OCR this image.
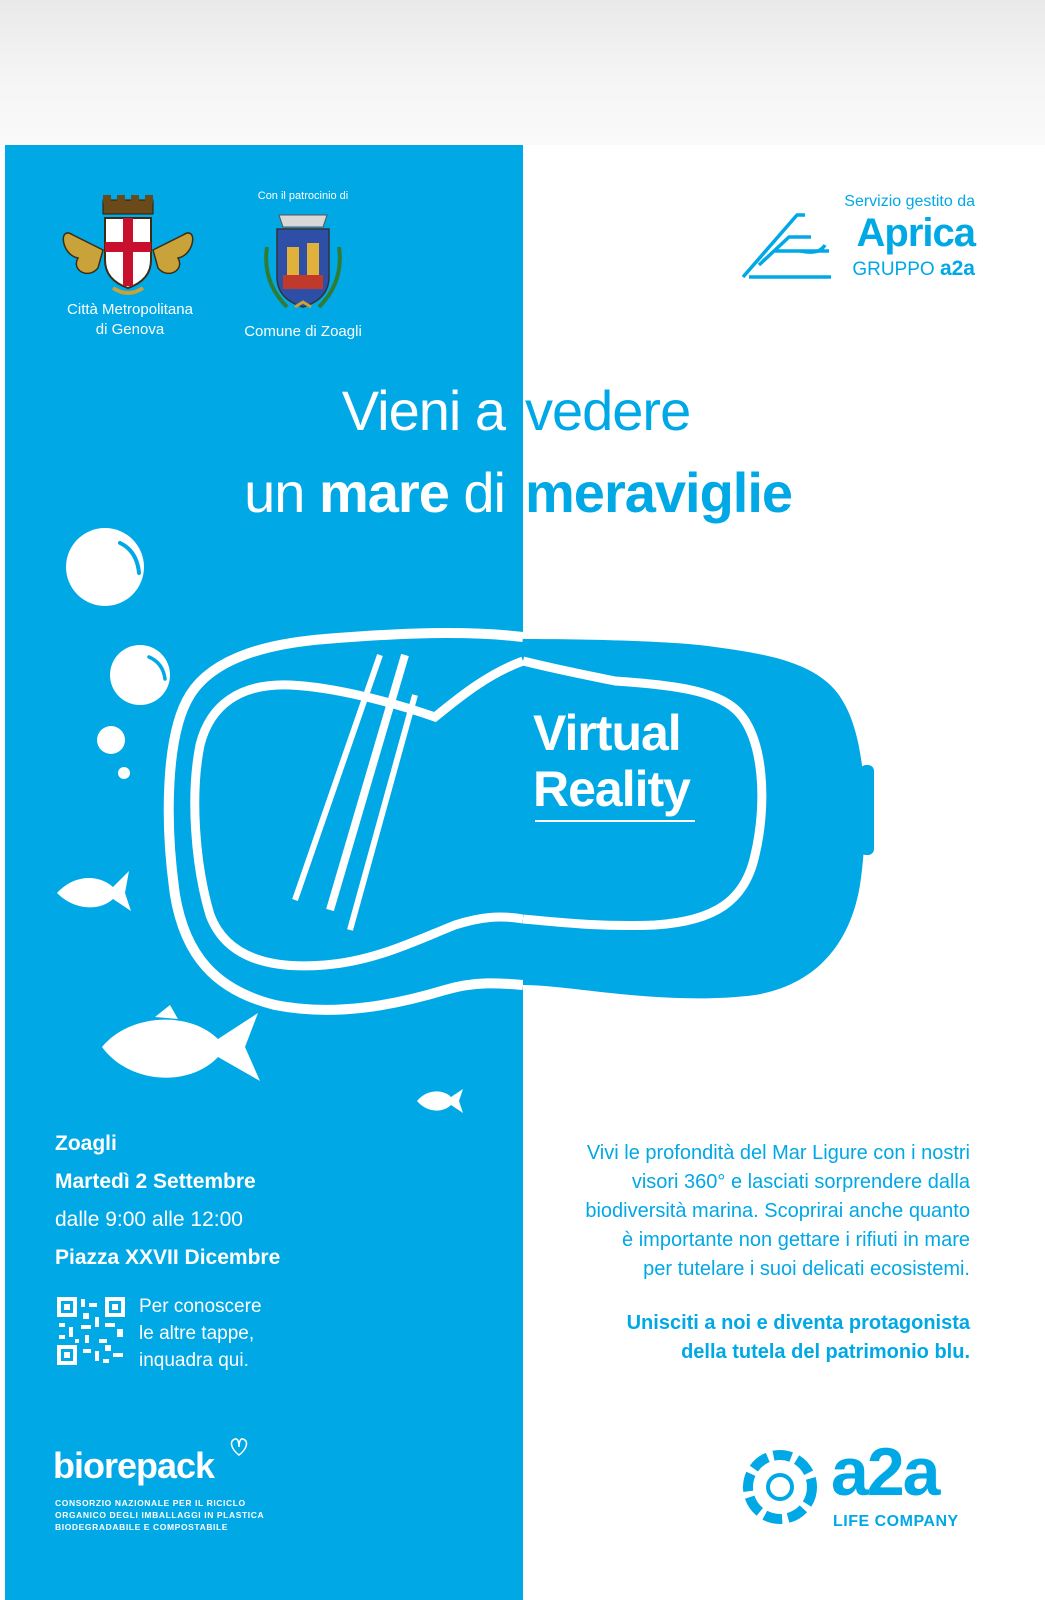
Città Metropolitana
di Genova
Con il patrocinio di
Comune di Zoagli
Servizio gestito da
Aprica
GRUPPO a2a
Vieni a vedere
un mare di meraviglie
Virtual
Reality
Zoagli
Martedì 2 Settembre
dalle 9:00 alle 12:00
Piazza XXVII Dicembre
Per conoscere
le altre tappe,
inquadra qui.
Vivi le profondità del Mar Ligure con i nostri
visori 360° e lasciati sorprendere dalla
biodiversità marina. Scoprirai anche quanto
è importante non gettare i rifiuti in mare
per tutelare i suoi delicati ecosistemi.
Unisciti a noi e diventa protagonista
della tutela del patrimonio blu.
biorepack
CONSORZIO NAZIONALE PER IL RICICLO
ORGANICO DEGLI IMBALLAGGI IN PLASTICA
BIODEGRADABILE E COMPOSTABILE
a2a
LIFE COMPANY
